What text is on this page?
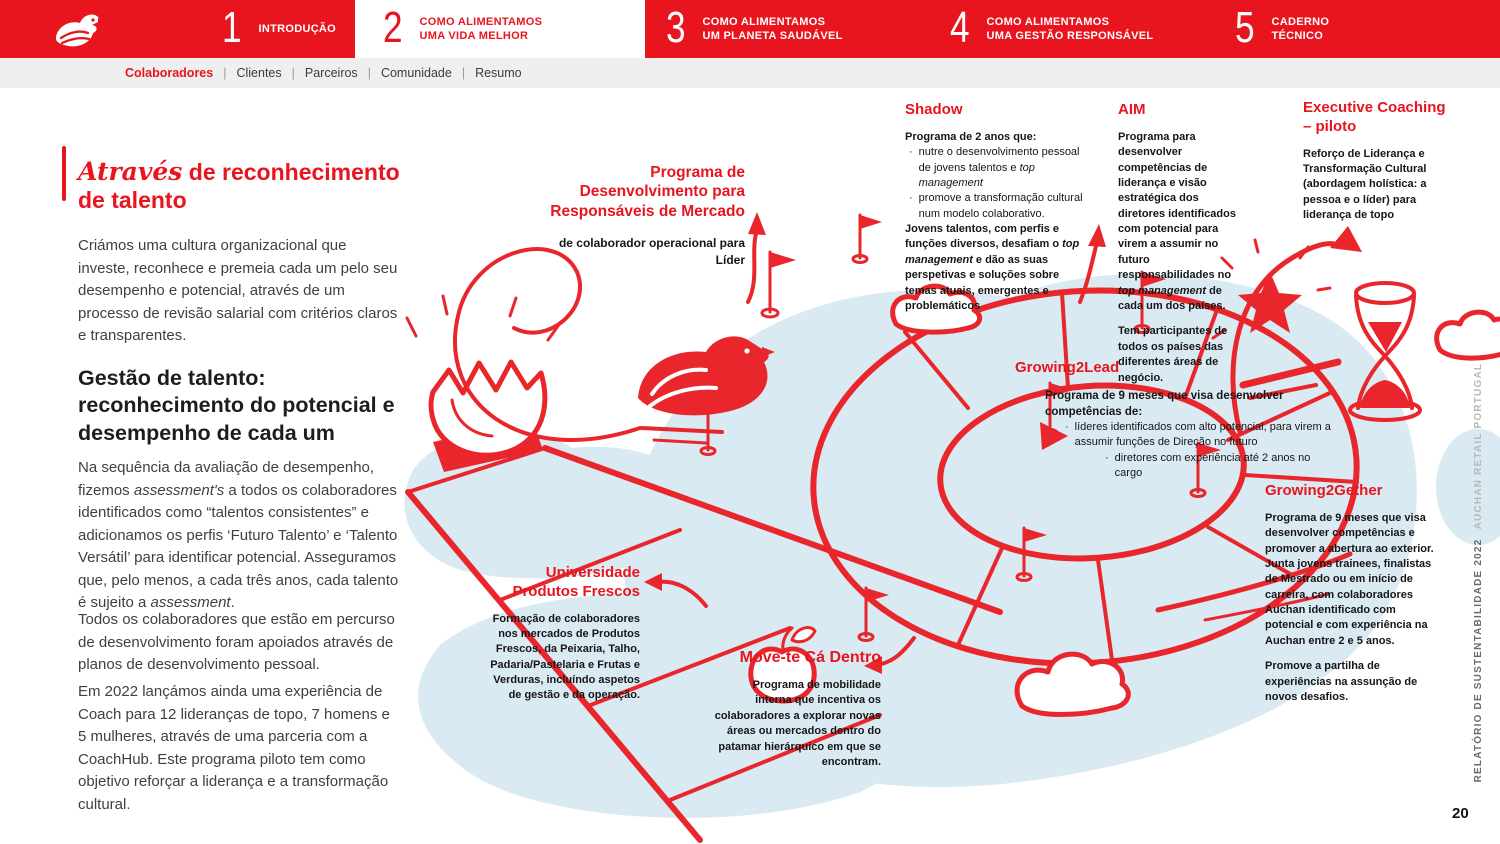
1 INTRODUÇÃO 2 COMO ALIMENTAMOS
UMA VIDA MELHOR	3 COMO ALIMENTAMOS
UM PLANETA SAUDÁVEL 4 COMO ALIMENTAMOS
UMA GESTÃO RESPONSÁVEL 5 CADERNO
TÉCNICO
Colaboradores | Clientes | Parceiros | Comunidade | Resumo
Através de reconhecimento de talento

Criámos uma cultura organizacional que investe, reconhece e premeia cada um pelo seu desempenho e potencial, através de um processo de revisão salarial com critérios claros e transparentes.

Gestão de talento: reconhecimento do potencial e desempenho de cada um

Na sequência da avaliação de desempenho, fizemos assessment's a todos os colaboradores identificados como “talentos consistentes” e adicionamos os perfis ‘Futuro Talento’ e ‘Talento Versátil’ para identificar potencial. Asseguramos que, pelo menos, a cada três anos, cada talento é sujeito a assessment.

Todos os colaboradores que estão em percurso de desenvolvimento foram apoiados através de planos de desenvolvimento pessoal.

Em 2022 lançámos ainda uma experiência de Coach para 12 lideranças de topo, 7 homens e 5 mulheres, através de uma parceria com a CoachHub. Este programa piloto tem como objetivo reforçar a liderança e a transformação cultural.

Programa de Desenvolvimento para Responsáveis de Mercado
de colaborador operacional para Líder
Shadow
Programa de 2 anos que:
· nutre o desenvolvimento pessoal de jovens talentos e top management
· promove a transformação cultural num modelo colaborativo.
Jovens talentos, com perfis e funções diversos, desafiam o top management e dão as suas perspetivas e soluções sobre temas atuais, emergentes e problemáticos
AIM
Programa para desenvolver competências de liderança e visão estratégica dos diretores identificados com potencial para virem a assumir no futuro responsabilidades no top management de cada um dos países.
Tem participantes de todos os países das diferentes áreas de negócio.
Executive Coaching – piloto
Reforço de Liderança e Transformação Cultural (abordagem holística: a pessoa e o líder) para liderança de topo
Growing2Lead
Programa de 9 meses que visa desenvolver competências de:
· líderes identificados com alto potencial, para virem a assumir funções de Direção no futuro
· diretores com experiência até 2 anos no cargo
Growing2Gether
Programa de 9 meses que visa desenvolver competências e promover a abertura ao exterior. Junta jovens trainees, finalistas de Mestrado ou em início de carreira, com colaboradores Auchan identificado com potencial e com experiência na Auchan entre 2 e 5 anos.
Promove a partilha de experiências na assunção de novos desafios.
Universidade Produtos Frescos
Formação de colaboradores nos mercados de Produtos Frescos, da Peixaria, Talho, Padaria/Pastelaria e Frutas e Verduras, incluíndo aspetos de gestão e da operação.
Move-te Cá Dentro
Programa de mobilidade interna que incentiva os colaboradores a explorar novas áreas ou mercados dentro do patamar hierárquico em que se encontram.	RELATÓRIO DE SUSTENTABILIDADE 2022AUCHAN RETAIL PORTUGAL
20
